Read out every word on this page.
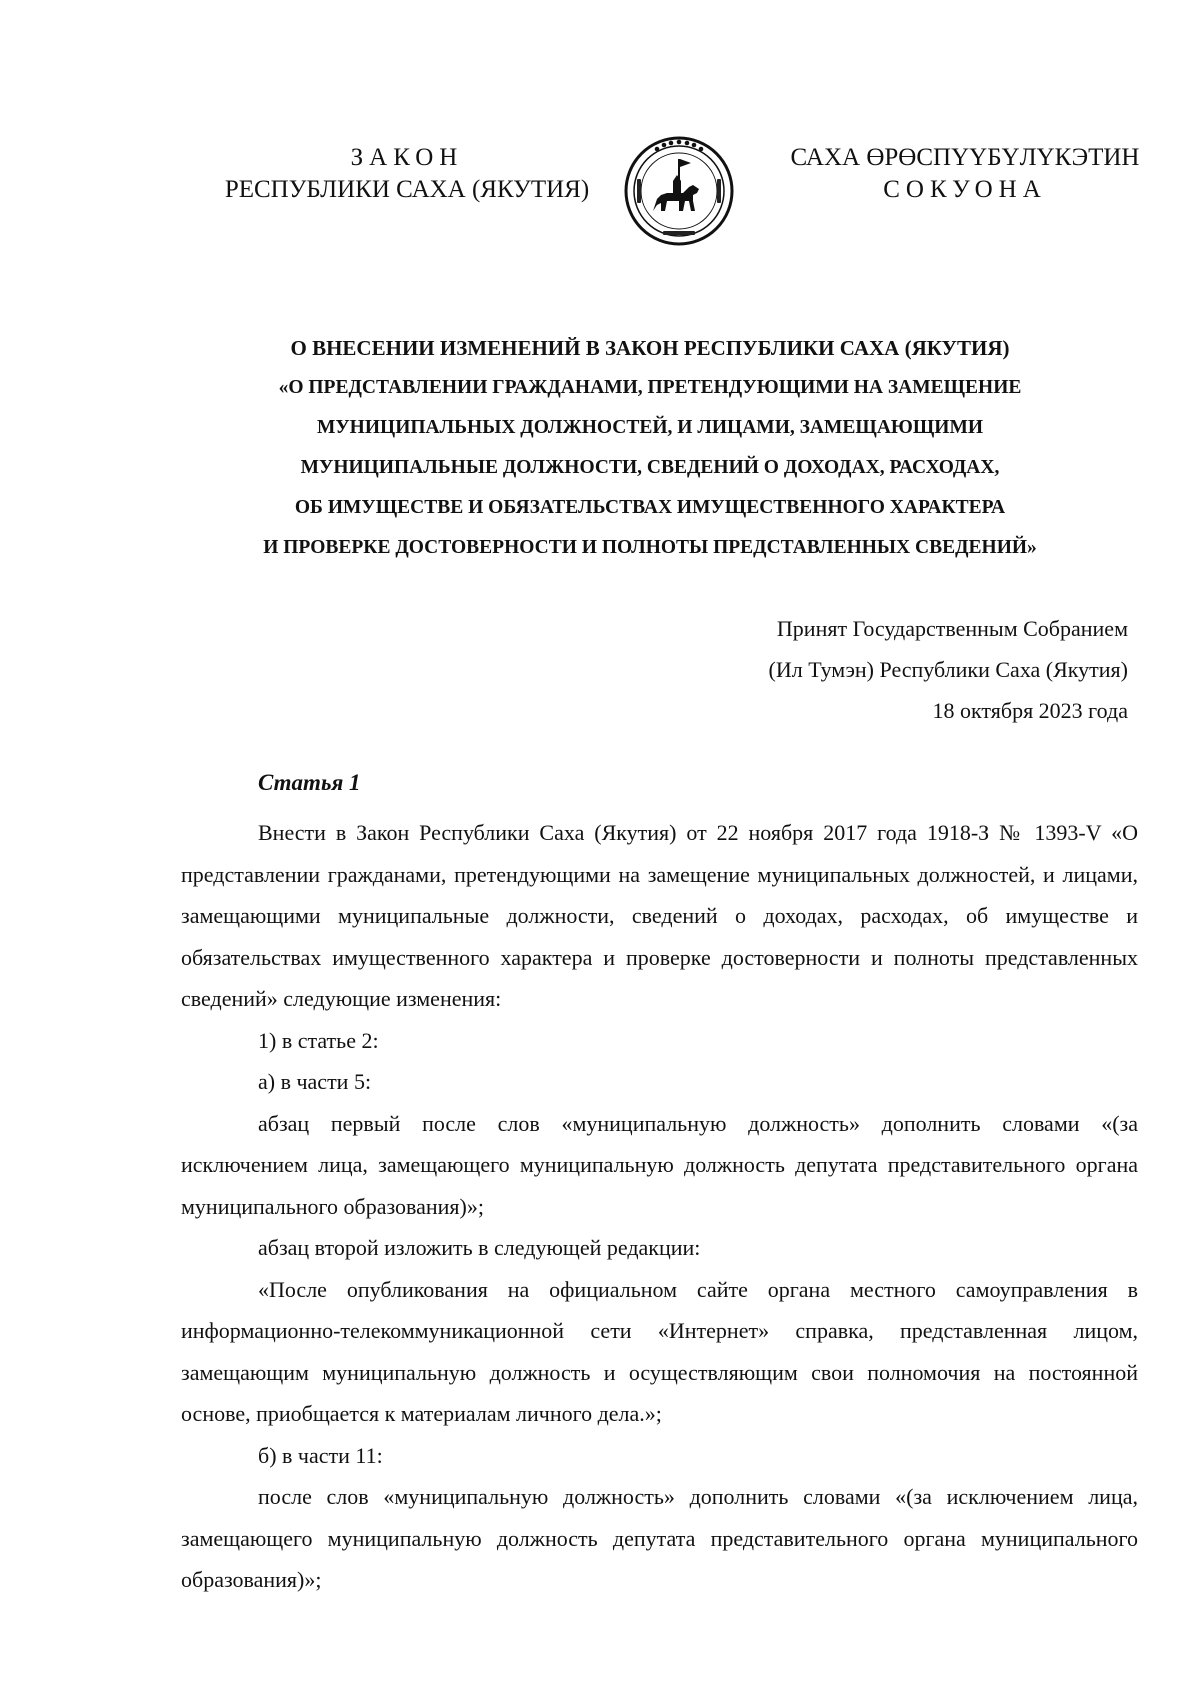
ЗАКОН
РЕСПУБЛИКИ САХА (ЯКУТИЯ)
САХА ӨРӨСПҮҮБҮЛҮКЭТИН
СОКУОНА
О ВНЕСЕНИИ ИЗМЕНЕНИЙ В ЗАКОН РЕСПУБЛИКИ САХА (ЯКУТИЯ)
«О ПРЕДСТАВЛЕНИИ ГРАЖДАНАМИ, ПРЕТЕНДУЮЩИМИ НА ЗАМЕЩЕНИЕ
МУНИЦИПАЛЬНЫХ ДОЛЖНОСТЕЙ, И ЛИЦАМИ, ЗАМЕЩАЮЩИМИ
МУНИЦИПАЛЬНЫЕ ДОЛЖНОСТИ, СВЕДЕНИЙ О ДОХОДАХ, РАСХОДАХ,
ОБ ИМУЩЕСТВЕ И ОБЯЗАТЕЛЬСТВАХ ИМУЩЕСТВЕННОГО ХАРАКТЕРА
И ПРОВЕРКЕ ДОСТОВЕРНОСТИ И ПОЛНОТЫ ПРЕДСТАВЛЕННЫХ СВЕДЕНИЙ»
Принят Государственным Собранием
(Ил Тумэн) Республики Саха (Якутия)
18 октября 2023 года
Статья 1

Внести в Закон Республики Саха (Якутия) от 22 ноября 2017 года 1918-З № 1393-V «О представлении гражданами, претендующими на замещение муниципальных должностей, и лицами, замещающими муниципальные должности, сведений о доходах, расходах, об имуществе и обязательствах имущественного характера и проверке достоверности и полноты представленных сведений» следующие изменения:

1) в статье 2:

а) в части 5:

абзац первый после слов «муниципальную должность» дополнить словами «(за исключением лица, замещающего муниципальную должность депутата представительного органа муниципального образования)»;

абзац второй изложить в следующей редакции:

«После опубликования на официальном сайте органа местного самоуправления в информационно-телекоммуникационной сети «Интернет» справка, представленная лицом, замещающим муниципальную должность и осуществляющим свои полномочия на постоянной основе, приобщается к материалам личного дела.»;

б) в части 11:

после слов «муниципальную должность» дополнить словами «(за исключением лица, замещающего муниципальную должность депутата представительного органа муниципального образования)»;
